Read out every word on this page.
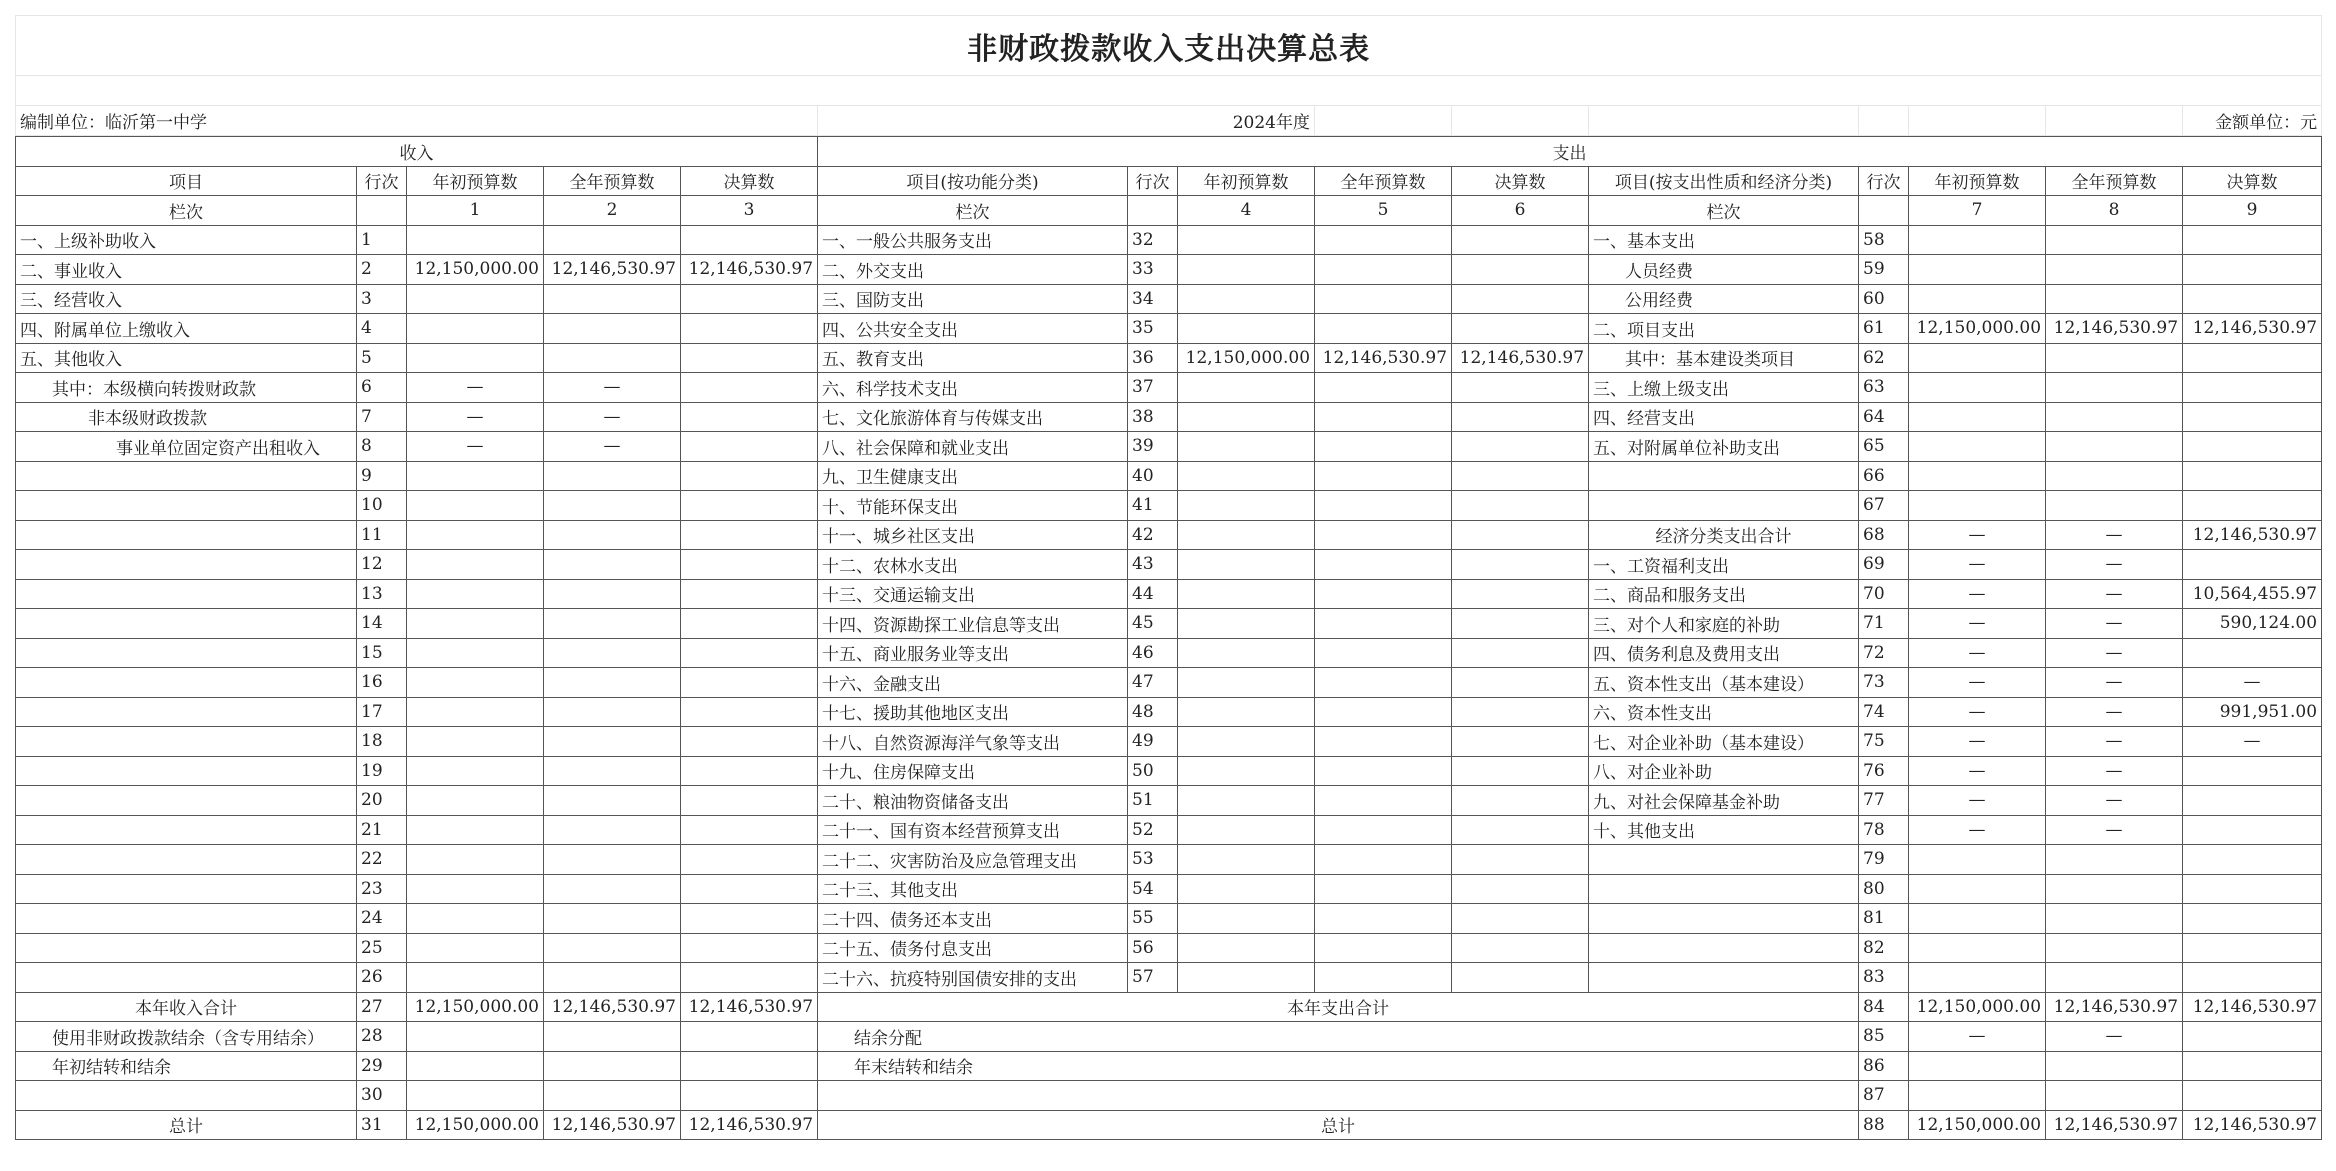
非财政拨款收入支出决算总表

编制单位：临沂第一中学	2024年度							金额单位：元
收入					支出									
项目	行次	年初预算数	全年预算数	决算数	项目(按功能分类)	行次	年初预算数	全年预算数	决算数	项目(按支出性质和经济分类)	行次	年初预算数	全年预算数	决算数
栏次		1	2	3	栏次		4	5	6	栏次		7	8	9
一、上级补助收入	1				一、一般公共服务支出	32				一、基本支出	58			
二、事业收入	2	12,150,000.00	12,146,530.97	12,146,530.97	二、外交支出	33				人员经费	59			
三、经营收入	3				三、国防支出	34				公用经费	60			
四、附属单位上缴收入	4				四、公共安全支出	35				二、项目支出	61	12,150,000.00	12,146,530.97	12,146,530.97
五、其他收入	5				五、教育支出	36	12,150,000.00	12,146,530.97	12,146,530.97	其中：基本建设类项目	62			
其中：本级横向转拨财政款	6	—	—		六、科学技术支出	37				三、上缴上级支出	63			
非本级财政拨款	7	—	—		七、文化旅游体育与传媒支出	38				四、经营支出	64			
事业单位固定资产出租收入	8	—	—		八、社会保障和就业支出	39				五、对附属单位补助支出	65			
	9				九、卫生健康支出	40					66			
	10				十、节能环保支出	41					67			
	11				十一、城乡社区支出	42				经济分类支出合计	68	—	—	12,146,530.97
	12				十二、农林水支出	43				一、工资福利支出	69	—	—	
	13				十三、交通运输支出	44				二、商品和服务支出	70	—	—	10,564,455.97
	14				十四、资源勘探工业信息等支出	45				三、对个人和家庭的补助	71	—	—	590,124.00
	15				十五、商业服务业等支出	46				四、债务利息及费用支出	72	—	—	
	16				十六、金融支出	47				五、资本性支出（基本建设）	73	—	—	—
	17				十七、援助其他地区支出	48				六、资本性支出	74	—	—	991,951.00
	18				十八、自然资源海洋气象等支出	49				七、对企业补助（基本建设）	75	—	—	—
	19				十九、住房保障支出	50				八、对企业补助	76	—	—	
	20				二十、粮油物资储备支出	51				九、对社会保障基金补助	77	—	—	
	21				二十一、国有资本经营预算支出	52				十、其他支出	78	—	—	
	22				二十二、灾害防治及应急管理支出	53					79			
	23				二十三、其他支出	54					80			
	24				二十四、债务还本支出	55					81			
	25				二十五、债务付息支出	56					82			
	26				二十六、抗疫特别国债安排的支出	57					83			
本年收入合计	27	12,150,000.00	12,146,530.97	12,146,530.97	本年支出合计						84	12,150,000.00	12,146,530.97	12,146,530.97
使用非财政拨款结余（含专用结余）	28				结余分配						85	—	—	
年初结转和结余	29				年末结转和结余						86			
	30										87			
总计	31	12,150,000.00	12,146,530.97	12,146,530.97	总计						88	12,150,000.00	12,146,530.97	12,146,530.97
